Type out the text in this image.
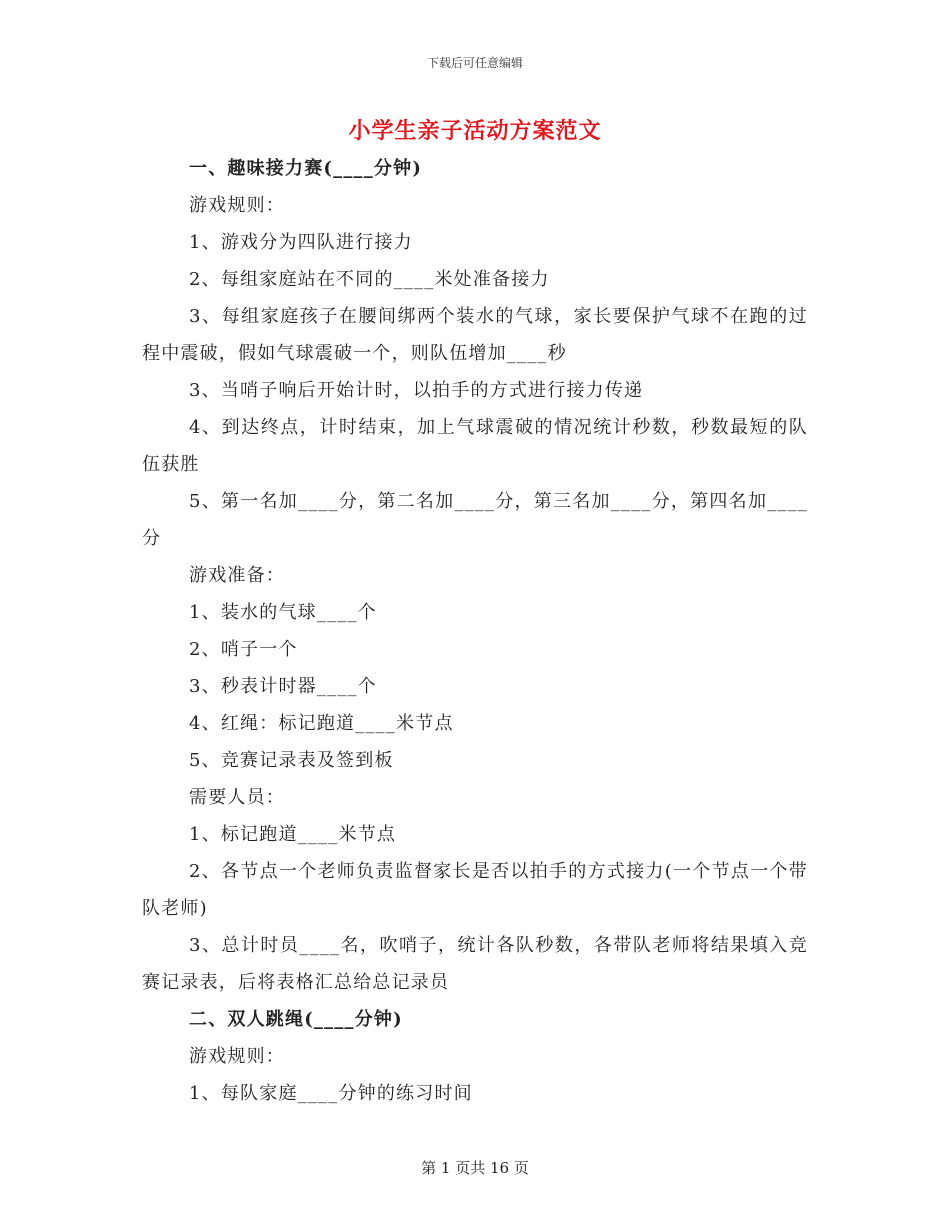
下载后可任意编辑
小学生亲子活动方案范文

一、趣味接力赛(____分钟)

游戏规则：

1、游戏分为四队进行接力

2、每组家庭站在不同的____米处准备接力

3、每组家庭孩子在腰间绑两个装水的气球，家长要保护气球不在跑的过程中震破，假如气球震破一个，则队伍增加____秒

3、当哨子响后开始计时，以拍手的方式进行接力传递

4、到达终点，计时结束，加上气球震破的情况统计秒数，秒数最短的队伍获胜

5、第一名加____分，第二名加____分，第三名加____分，第四名加____分

游戏准备：

1、装水的气球____个

2、哨子一个

3、秒表计时器____个

4、红绳：标记跑道____米节点

5、竞赛记录表及签到板

需要人员：

1、标记跑道____米节点

2、各节点一个老师负责监督家长是否以拍手的方式接力(一个节点一个带队老师)

3、总计时员____名，吹哨子，统计各队秒数，各带队老师将结果填入竞赛记录表，后将表格汇总给总记录员

二、双人跳绳(____分钟)

游戏规则：

1、每队家庭____分钟的练习时间

第 1 页共 16 页
